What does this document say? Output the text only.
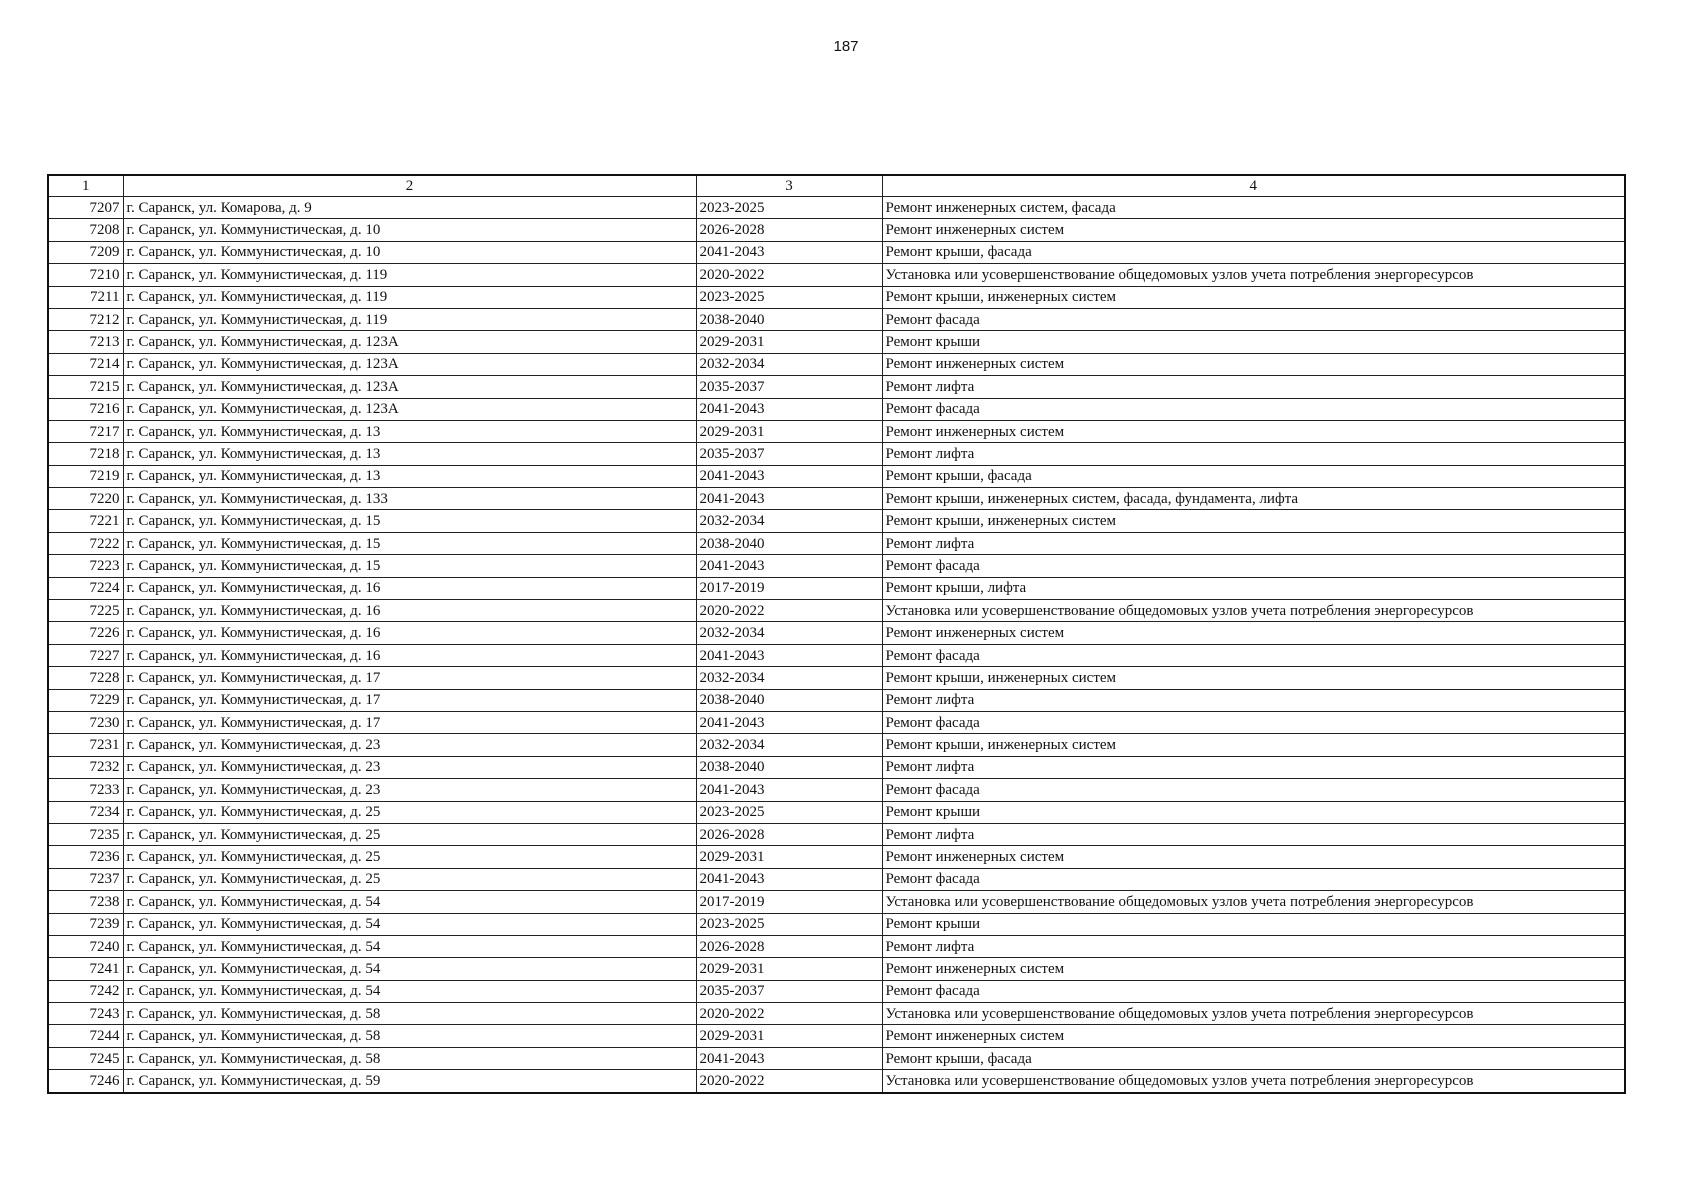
187
1	2	3	4
7207	г. Саранск, ул. Комарова, д. 9	2023-2025	Ремонт инженерных систем, фасада
7208	г. Саранск, ул. Коммунистическая, д. 10	2026-2028	Ремонт инженерных систем
7209	г. Саранск, ул. Коммунистическая, д. 10	2041-2043	Ремонт крыши, фасада
7210	г. Саранск, ул. Коммунистическая, д. 119	2020-2022	Установка или усовершенствование общедомовых узлов учета потребления энергоресурсов
7211	г. Саранск, ул. Коммунистическая, д. 119	2023-2025	Ремонт крыши, инженерных систем
7212	г. Саранск, ул. Коммунистическая, д. 119	2038-2040	Ремонт фасада
7213	г. Саранск, ул. Коммунистическая, д. 123А	2029-2031	Ремонт крыши
7214	г. Саранск, ул. Коммунистическая, д. 123А	2032-2034	Ремонт инженерных систем
7215	г. Саранск, ул. Коммунистическая, д. 123А	2035-2037	Ремонт лифта
7216	г. Саранск, ул. Коммунистическая, д. 123А	2041-2043	Ремонт фасада
7217	г. Саранск, ул. Коммунистическая, д. 13	2029-2031	Ремонт инженерных систем
7218	г. Саранск, ул. Коммунистическая, д. 13	2035-2037	Ремонт лифта
7219	г. Саранск, ул. Коммунистическая, д. 13	2041-2043	Ремонт крыши, фасада
7220	г. Саранск, ул. Коммунистическая, д. 133	2041-2043	Ремонт крыши, инженерных систем, фасада, фундамента, лифта
7221	г. Саранск, ул. Коммунистическая, д. 15	2032-2034	Ремонт крыши, инженерных систем
7222	г. Саранск, ул. Коммунистическая, д. 15	2038-2040	Ремонт лифта
7223	г. Саранск, ул. Коммунистическая, д. 15	2041-2043	Ремонт фасада
7224	г. Саранск, ул. Коммунистическая, д. 16	2017-2019	Ремонт крыши, лифта
7225	г. Саранск, ул. Коммунистическая, д. 16	2020-2022	Установка или усовершенствование общедомовых узлов учета потребления энергоресурсов
7226	г. Саранск, ул. Коммунистическая, д. 16	2032-2034	Ремонт инженерных систем
7227	г. Саранск, ул. Коммунистическая, д. 16	2041-2043	Ремонт фасада
7228	г. Саранск, ул. Коммунистическая, д. 17	2032-2034	Ремонт крыши, инженерных систем
7229	г. Саранск, ул. Коммунистическая, д. 17	2038-2040	Ремонт лифта
7230	г. Саранск, ул. Коммунистическая, д. 17	2041-2043	Ремонт фасада
7231	г. Саранск, ул. Коммунистическая, д. 23	2032-2034	Ремонт крыши, инженерных систем
7232	г. Саранск, ул. Коммунистическая, д. 23	2038-2040	Ремонт лифта
7233	г. Саранск, ул. Коммунистическая, д. 23	2041-2043	Ремонт фасада
7234	г. Саранск, ул. Коммунистическая, д. 25	2023-2025	Ремонт крыши
7235	г. Саранск, ул. Коммунистическая, д. 25	2026-2028	Ремонт лифта
7236	г. Саранск, ул. Коммунистическая, д. 25	2029-2031	Ремонт инженерных систем
7237	г. Саранск, ул. Коммунистическая, д. 25	2041-2043	Ремонт фасада
7238	г. Саранск, ул. Коммунистическая, д. 54	2017-2019	Установка или усовершенствование общедомовых узлов учета потребления энергоресурсов
7239	г. Саранск, ул. Коммунистическая, д. 54	2023-2025	Ремонт крыши
7240	г. Саранск, ул. Коммунистическая, д. 54	2026-2028	Ремонт лифта
7241	г. Саранск, ул. Коммунистическая, д. 54	2029-2031	Ремонт инженерных систем
7242	г. Саранск, ул. Коммунистическая, д. 54	2035-2037	Ремонт фасада
7243	г. Саранск, ул. Коммунистическая, д. 58	2020-2022	Установка или усовершенствование общедомовых узлов учета потребления энергоресурсов
7244	г. Саранск, ул. Коммунистическая, д. 58	2029-2031	Ремонт инженерных систем
7245	г. Саранск, ул. Коммунистическая, д. 58	2041-2043	Ремонт крыши, фасада
7246	г. Саранск, ул. Коммунистическая, д. 59	2020-2022	Установка или усовершенствование общедомовых узлов учета потребления энергоресурсов
